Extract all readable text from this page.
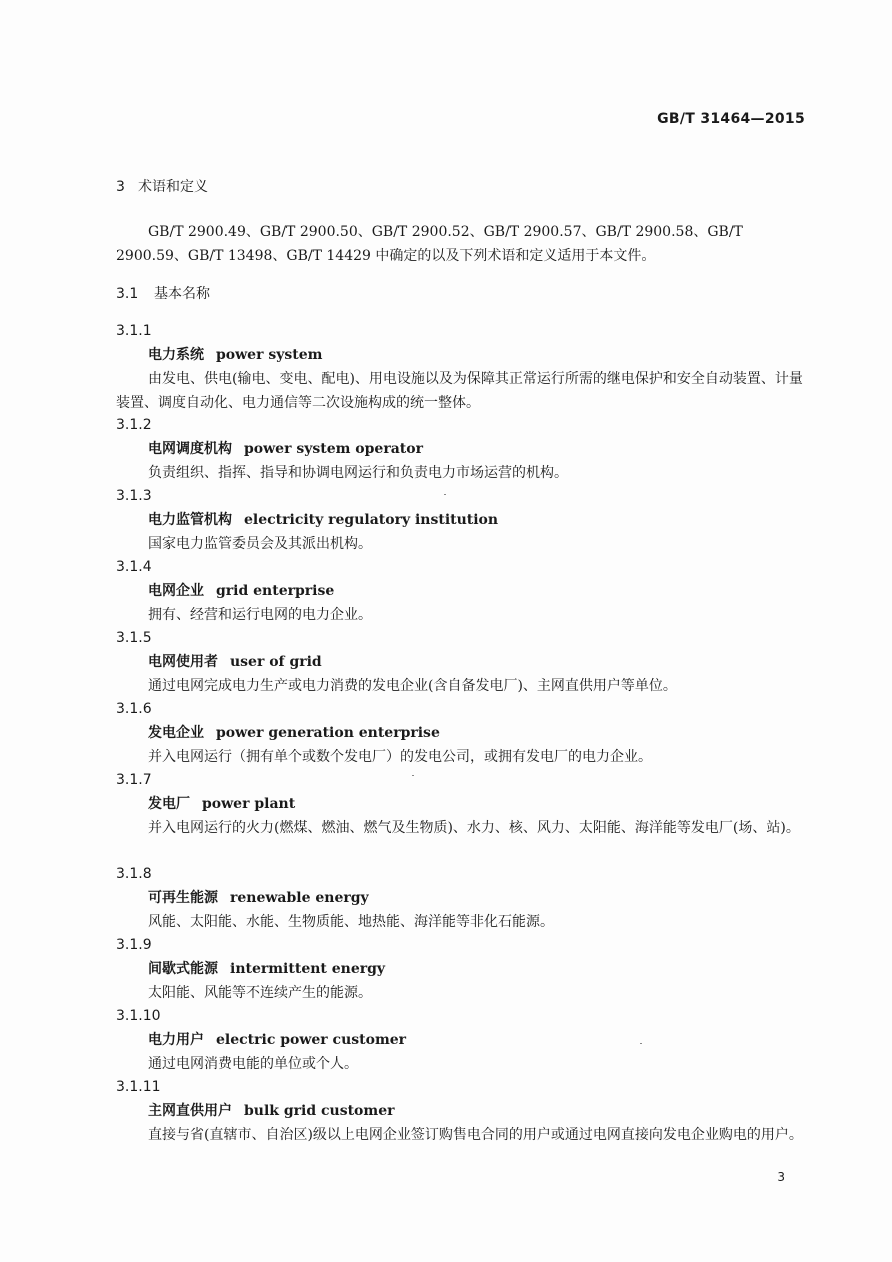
GB/T 31464—2015
3 术语和定义
GB/T 2900.49、GB/T 2900.50、GB/T 2900.52、GB/T 2900.57、GB/T 2900.58、GB/T 2900.59、GB/T 13498、GB/T 14429 中确定的以及下列术语和定义适用于本文件。
3.1 基本名称
3.1.1
电力系统 power system
由发电、供电(输电、变电、配电)、用电设施以及为保障其正常运行所需的继电保护和安全自动装置、计量装置、调度自动化、电力通信等二次设施构成的统一整体。
3.1.2
电网调度机构 power system operator
负责组织、指挥、指导和协调电网运行和负责电力市场运营的机构。
3.1.3
电力监管机构 electricity regulatory institution
国家电力监管委员会及其派出机构。
3.1.4
电网企业 grid enterprise
拥有、经营和运行电网的电力企业。
3.1.5
电网使用者 user of grid
通过电网完成电力生产或电力消费的发电企业(含自备发电厂)、主网直供用户等单位。
3.1.6
发电企业 power generation enterprise
并入电网运行（拥有单个或数个发电厂）的发电公司，或拥有发电厂的电力企业。
3.1.7
发电厂 power plant
并入电网运行的火力(燃煤、燃油、燃气及生物质)、水力、核、风力、太阳能、海洋能等发电厂(场、站)。
3.1.8
可再生能源 renewable energy
风能、太阳能、水能、生物质能、地热能、海洋能等非化石能源。
3.1.9
间歇式能源 intermittent energy
太阳能、风能等不连续产生的能源。
3.1.10
电力用户 electric power customer
通过电网消费电能的单位或个人。
3.1.11
主网直供用户 bulk grid customer
直接与省(直辖市、自治区)级以上电网企业签订购售电合同的用户或通过电网直接向发电企业购电的用户。
3
